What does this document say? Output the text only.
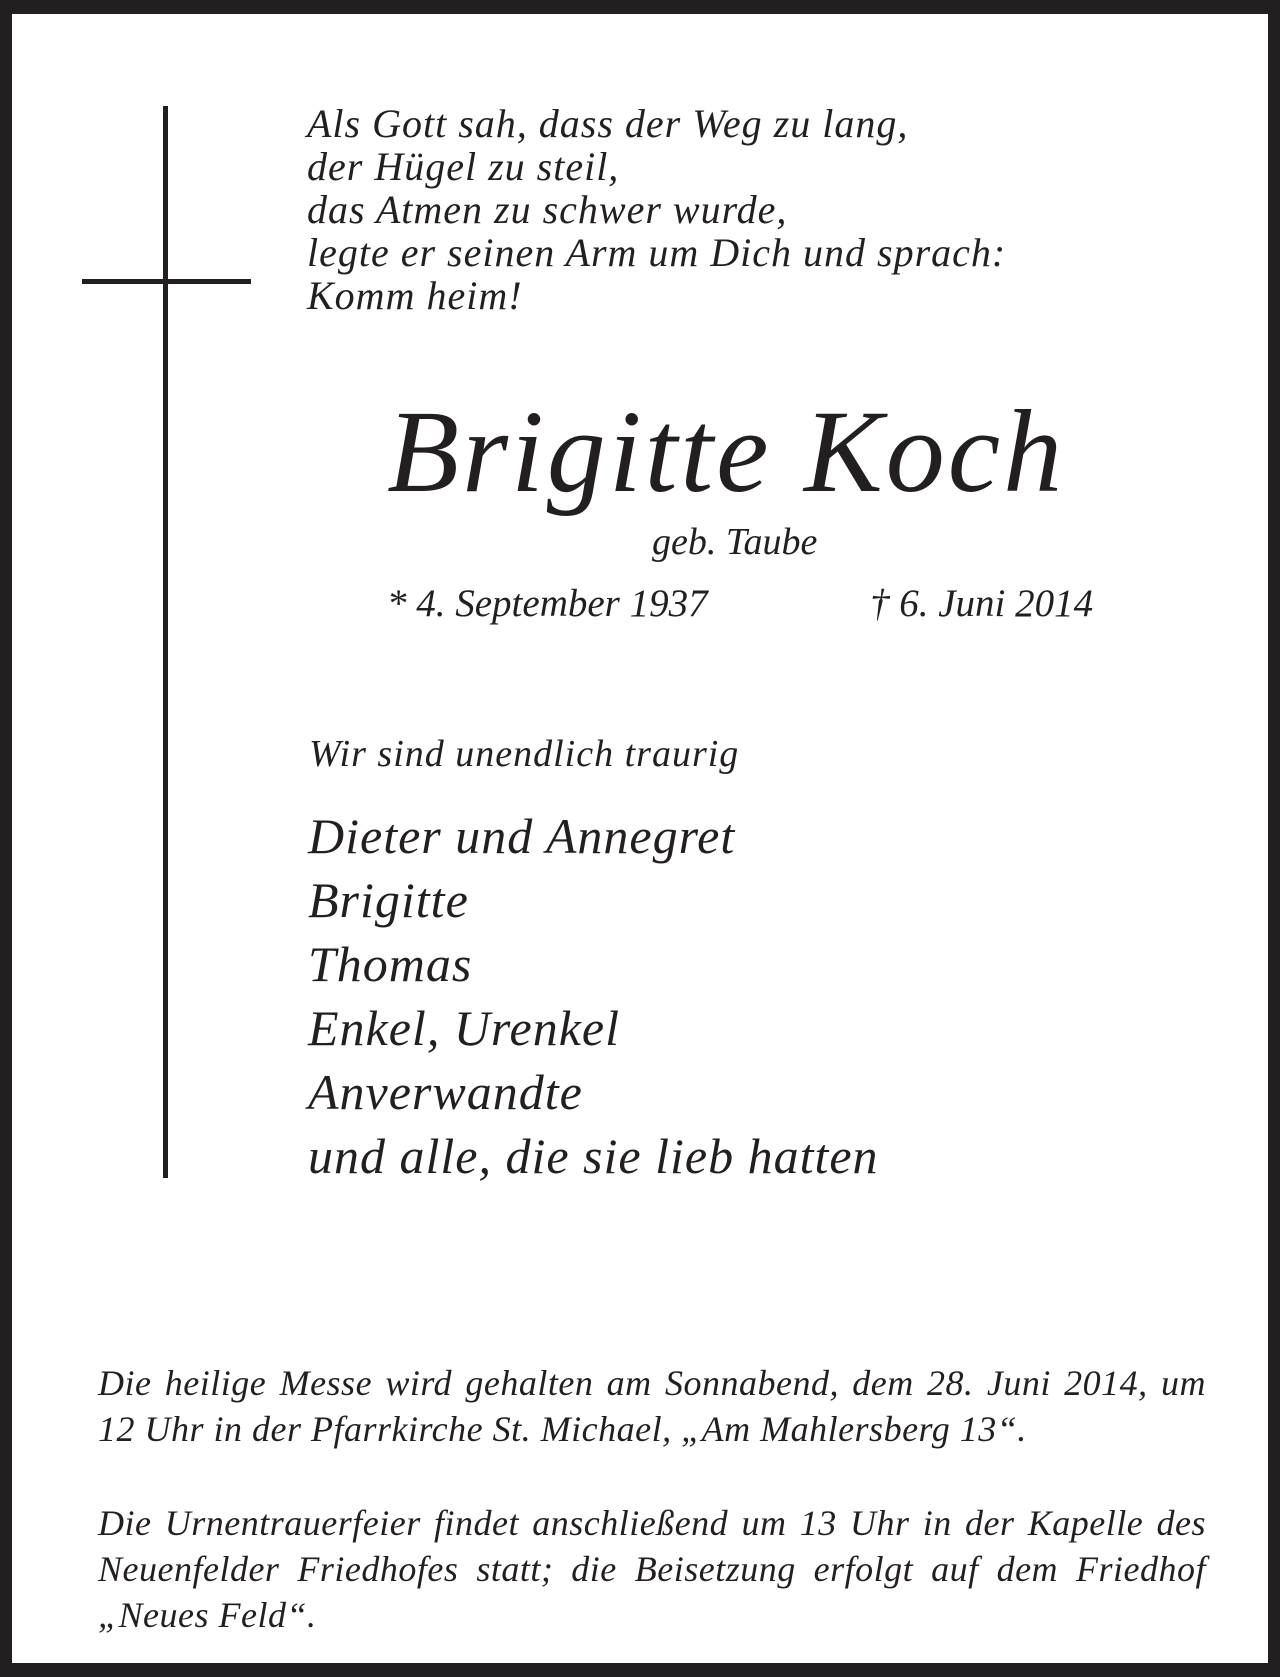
Als Gott sah, dass der Weg zu lang,
der Hügel zu steil,
das Atmen zu schwer wurde,
legte er seinen Arm um Dich und sprach:
Komm heim!
Brigitte Koch
geb. Taube
* 4. September 1937	† 6. Juni 2014
Wir sind unendlich traurig
Dieter und Annegret
Brigitte
Thomas
Enkel, Urenkel
Anverwandte
und alle, die sie lieb hatten

Die heilige Messe wird gehalten am Sonnabend, dem 28. Juni 2014, um 12 Uhr in der Pfarrkirche St. Michael, „Am Mahlersberg 13“.

Die Urnentrauerfeier findet anschließend um 13 Uhr in der Kapelle des Neuenfelder Friedhofes statt; die Beisetzung erfolgt auf dem Friedhof „Neues Feld“.
